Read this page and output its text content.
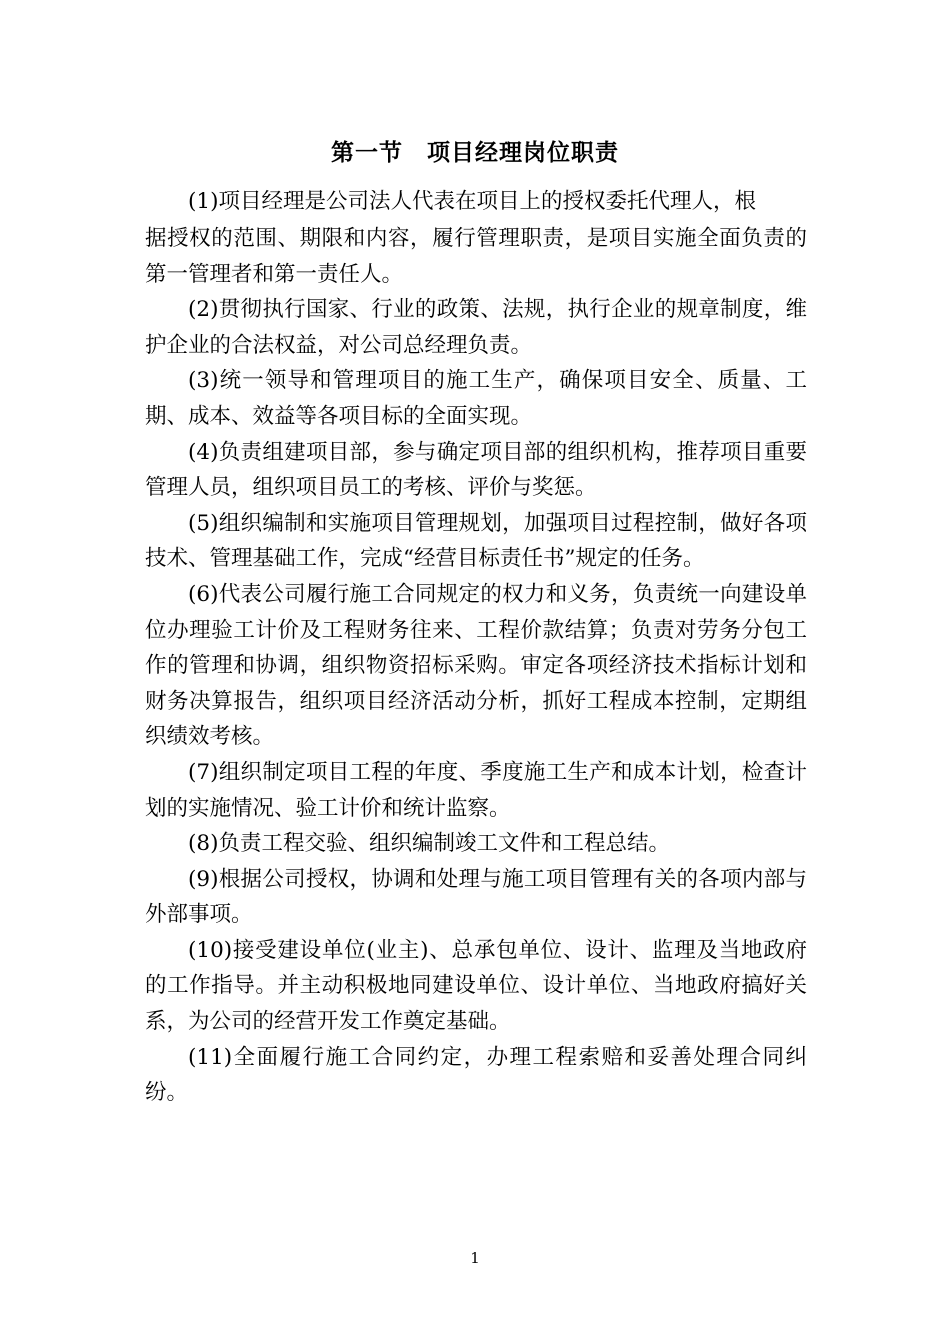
第一节　项目经理岗位职责

(1)项目经理是公司法人代表在项目上的授权委托代理人，根

据授权的范围、期限和内容，履行管理职责，是项目实施全面负责的第一管理者和第一责任人。

(2)贯彻执行国家、行业的政策、法规，执行企业的规章制度，维护企业的合法权益，对公司总经理负责。

(3)统一领导和管理项目的施工生产，确保项目安全、质量、工期、成本、效益等各项目标的全面实现。

(4)负责组建项目部，参与确定项目部的组织机构，推荐项目重要管理人员，组织项目员工的考核、评价与奖惩。

(5)组织编制和实施项目管理规划，加强项目过程控制，做好各项技术、管理基础工作，完成“经营目标责任书”规定的任务。

(6)代表公司履行施工合同规定的权力和义务，负责统一向建设单位办理验工计价及工程财务往来、工程价款结算；负责对劳务分包工作的管理和协调，组织物资招标采购。审定各项经济技术指标计划和财务决算报告，组织项目经济活动分析，抓好工程成本控制，定期组织绩效考核。

(7)组织制定项目工程的年度、季度施工生产和成本计划，检查计划的实施情况、验工计价和统计监察。

(8)负责工程交验、组织编制竣工文件和工程总结。

(9)根据公司授权，协调和处理与施工项目管理有关的各项内部与外部事项。

(10)接受建设单位(业主)、总承包单位、设计、监理及当地政府的工作指导。并主动积极地同建设单位、设计单位、当地政府搞好关系，为公司的经营开发工作奠定基础。

(11)全面履行施工合同约定，办理工程索赔和妥善处理合同纠纷。

1
